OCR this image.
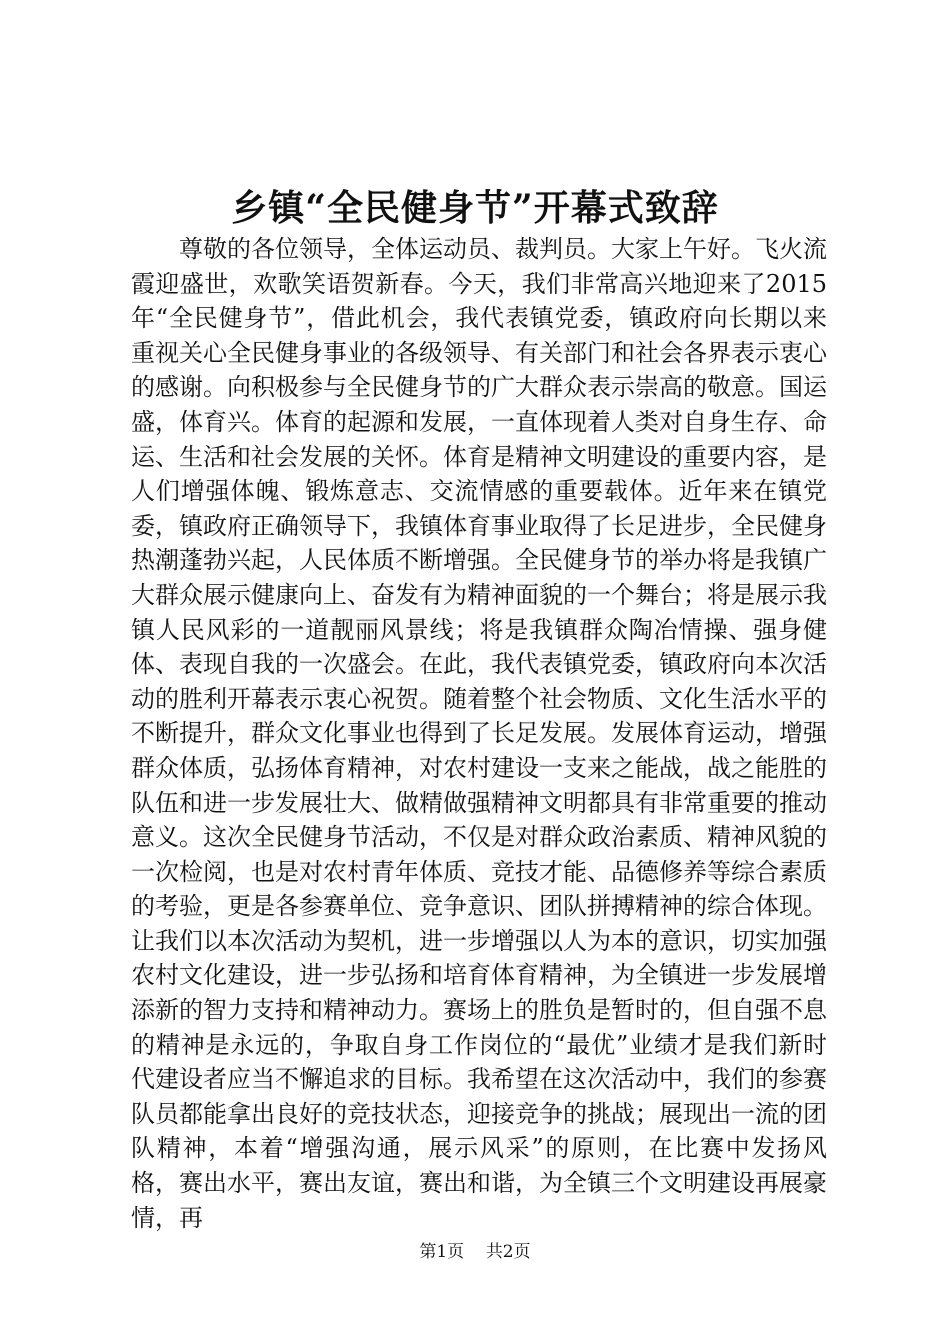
乡镇“全民健身节”开幕式致辞

尊敬的各位领导，全体运动员、裁判员。大家上午好。飞火流霞迎盛世，欢歌笑语贺新春。今天，我们非常高兴地迎来了2015年“全民健身节”，借此机会，我代表镇党委，镇政府向长期以来重视关心全民健身事业的各级领导、有关部门和社会各界表示衷心的感谢。向积极参与全民健身节的广大群众表示崇高的敬意。国运盛，体育兴。体育的起源和发展，一直体现着人类对自身生存、命运、生活和社会发展的关怀。体育是精神文明建设的重要内容，是人们增强体魄、锻炼意志、交流情感的重要载体。近年来在镇党委，镇政府正确领导下，我镇体育事业取得了长足进步，全民健身热潮蓬勃兴起，人民体质不断增强。全民健身节的举办将是我镇广大群众展示健康向上、奋发有为精神面貌的一个舞台；将是展示我镇人民风彩的一道靓丽风景线；将是我镇群众陶冶情操、强身健体、表现自我的一次盛会。在此，我代表镇党委，镇政府向本次活动的胜利开幕表示衷心祝贺。随着整个社会物质、文化生活水平的不断提升，群众文化事业也得到了长足发展。发展体育运动，增强群众体质，弘扬体育精神，对农村建设一支来之能战，战之能胜的队伍和进一步发展壮大、做精做强精神文明都具有非常重要的推动意义。这次全民健身节活动，不仅是对群众政治素质、精神风貌的一次检阅，也是对农村青年体质、竞技才能、品德修养等综合素质的考验，更是各参赛单位、竞争意识、团队拼搏精神的综合体现。让我们以本次活动为契机，进一步增强以人为本的意识，切实加强农村文化建设，进一步弘扬和培育体育精神，为全镇进一步发展增添新的智力支持和精神动力。赛场上的胜负是暂时的，但自强不息的精神是永远的，争取自身工作岗位的“最优”业绩才是我们新时代建设者应当不懈追求的目标。我希望在这次活动中，我们的参赛队员都能拿出良好的竞技状态，迎接竞争的挑战；展现出一流的团队精神，本着“增强沟通，展示风采”的原则，在比赛中发扬风格，赛出水平，赛出友谊，赛出和谐，为全镇三个文明建设再展豪情，再

第1页 共2页
